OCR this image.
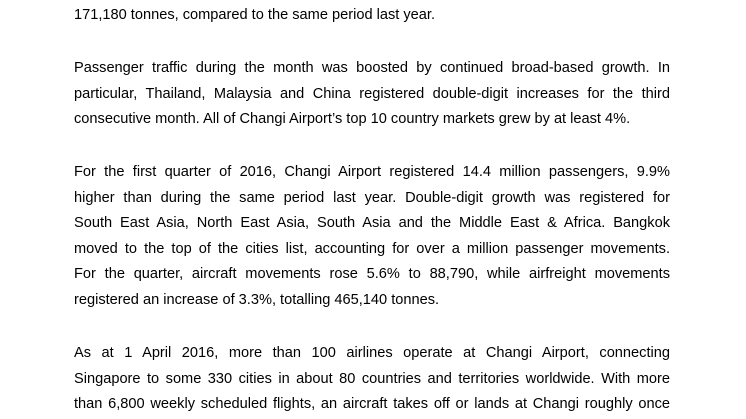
171,180 tonnes, compared to the same period last year.

Passenger traffic during the month was boosted by continued broad-based growth. In
particular, Thailand, Malaysia and China registered double-digit increases for the third
consecutive month. All of Changi Airport’s top 10 country markets grew by at least 4%.

For the first quarter of 2016, Changi Airport registered 14.4 million passengers, 9.9%
higher than during the same period last year. Double-digit growth was registered for
South East Asia, North East Asia, South Asia and the Middle East & Africa. Bangkok
moved to the top of the cities list, accounting for over a million passenger movements.
For the quarter, aircraft movements rose 5.6% to 88,790, while airfreight movements
registered an increase of 3.3%, totalling 465,140 tonnes.

As at 1 April 2016, more than 100 airlines operate at Changi Airport, connecting
Singapore to some 330 cities in about 80 countries and territories worldwide. With more
than 6,800 weekly scheduled flights, an aircraft takes off or lands at Changi roughly once
